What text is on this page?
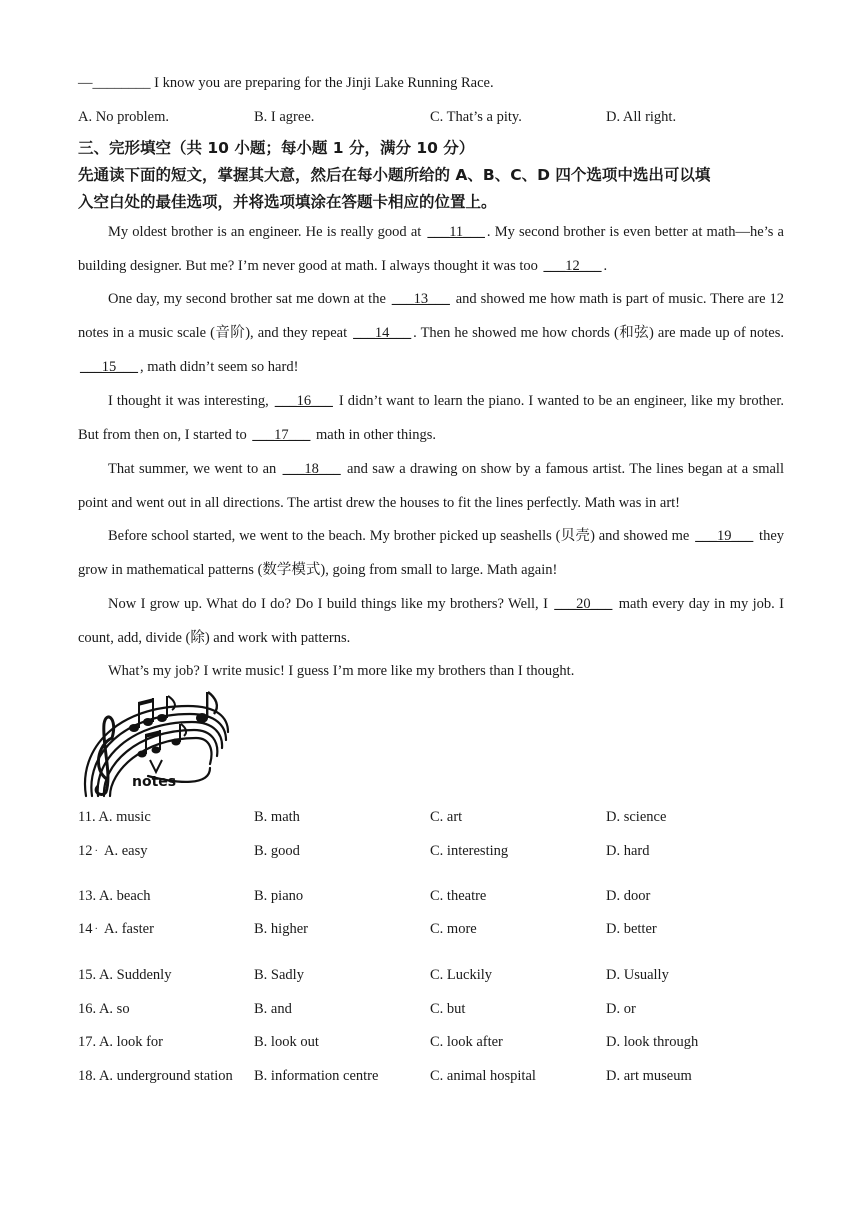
—________ I know you are preparing for the Jinji Lake Running Race.
A. No problem.	B. I agree.	C. That’s a pity.	D. All right.
三、完形填空（共 10 小题；每小题 1 分，满分 10 分）
先通读下面的短文，掌握其大意，然后在每小题所给的 A、B、C、D 四个选项中选出可以填
入空白处的最佳选项，并将选项填涂在答题卡相应的位置上。
My oldest brother is an engineer. He is really good at ___11___ . My second brother is even better at math—he’s a building designer. But me? I’m never good at math. I always thought it was too ___12___ .
One day, my second brother sat me down at the ___13___ and showed me how math is part of music. There are 12 notes in a music scale (音阶), and they repeat ___14___ . Then he showed me how chords (和弦) are made up of notes. ___15___ , math didn’t seem so hard!
I thought it was interesting, ___16___ I didn’t want to learn the piano. I wanted to be an engineer, like my brother. But from then on, I started to ___17___ math in other things.
That summer, we went to an ___18___ and saw a drawing on show by a famous artist. The lines began at a small point and went out in all directions. The artist drew the houses to fit the lines perfectly. Math was in art!
Before school started, we went to the beach. My brother picked up seashells (贝壳) and showed me ___19___ they grow in mathematical patterns (数学模式), going from small to large. Math again!
Now I grow up. What do I do? Do I build things like my brothers? Well, I ___20___ math every day in my job. I count, add, divide (除) and work with patterns.
What’s my job? I write music! I guess I’m more like my brothers than I thought.
notes
11. A. music	B. math	C. art	D. science
12 . A. easy	B. good	C. interesting	D. hard
13. A. beach	B. piano	C. theatre	D. door
14 . A. faster	B. higher	C. more	D. better
15. A. Suddenly	B. Sadly	C. Luckily	D. Usually
16. A. so	B. and	C. but	D. or
17. A. look for	B. look out	C. look after	D. look through
18. A. underground station B. information centre	C. animal hospital	D. art museum
